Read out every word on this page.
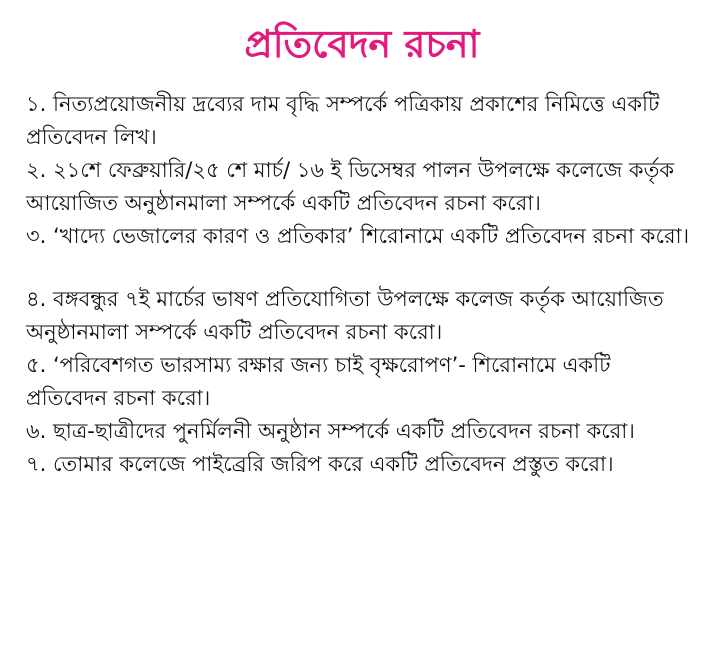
প্রতিবেদন রচনা

১. নিত্যপ্রয়োজনীয় দ্রব্যের দাম বৃদ্ধি সম্পর্কে পত্রিকায় প্রকাশের নিমিত্তে একটি প্রতিবেদন লিখ।

২. ২১শে ফেব্রুয়ারি/২৫ শে মার্চ/ ১৬ ই ডিসেম্বর পালন উপলক্ষে কলেজে কর্তৃক আয়োজিত অনুষ্ঠানমালা সম্পর্কে একটি প্রতিবেদন রচনা করো।

৩. ‘খাদ্যে ভেজালের কারণ ও প্রতিকার’ শিরোনামে একটি প্রতিবেদন রচনা করো।

৪. বঙ্গবন্ধুর ৭ই মার্চের ভাষণ প্রতিযোগিতা উপলক্ষে কলেজ কর্তৃক আয়োজিত অনুষ্ঠানমালা সম্পর্কে একটি প্রতিবেদন রচনা করো।

৫. ‘পরিবেশগত ভারসাম্য রক্ষার জন্য চাই বৃক্ষরোপণ’- শিরোনামে একটি প্রতিবেদন রচনা করো।

৬. ছাত্র-ছাত্রীদের পুনর্মিলনী অনুষ্ঠান সম্পর্কে একটি প্রতিবেদন রচনা করো।

৭. তোমার কলেজে পাইব্রেরি জরিপ করে একটি প্রতিবেদন প্রস্তুত করো।
